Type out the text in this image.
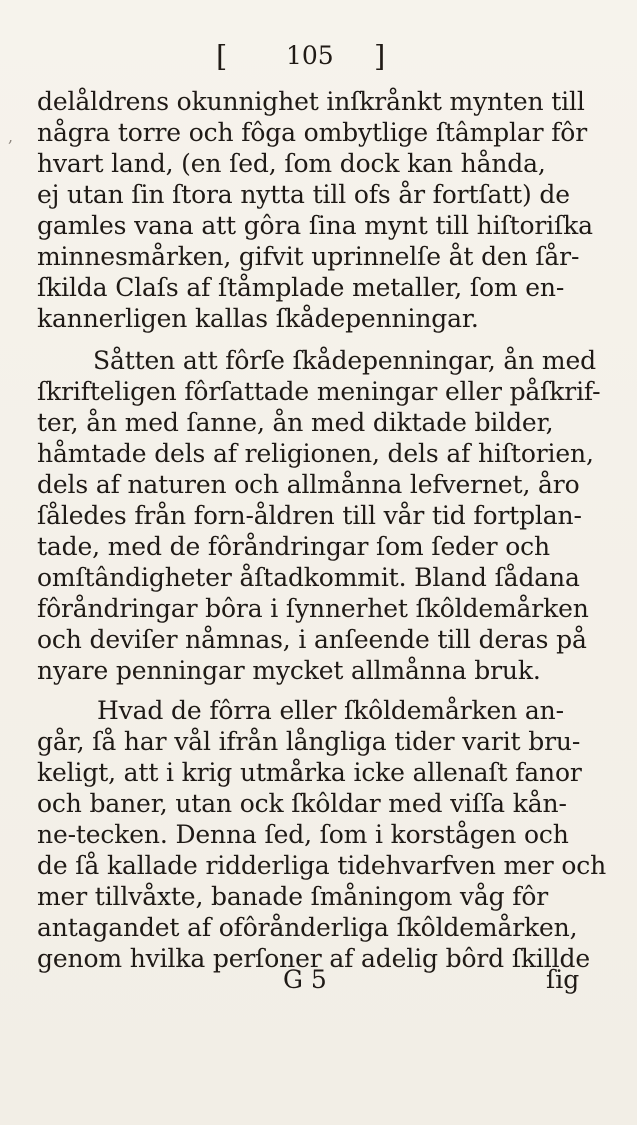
[ 105 ]
,
delåldrens okunnighet inſkrånkt mynten till
några torre och fôga ombytlige ſtâmplar fôr
hvart land, (en ſed, ſom dock kan hånda,
ej utan ſin ſtora nytta till ofs år fortſatt) de
gamles vana att gôra ſina mynt till hiſtoriſka
minnesmårken, gifvit uprinnelſe åt den ſår-
ſkilda Claſs af ſtåmplade metaller, ſom en-
kannerligen kallas ſkådepenningar.
Såtten att fôrſe ſkådepenningar, ån med
ſkrifteligen fôrſattade meningar eller påſkrif-
ter, ån med ſanne, ån med diktade bilder,
håmtade dels af religionen, dels af hiſtorien,
dels af naturen och allmånna lefvernet, åro
ſåledes från forn-åldren till vår tid fortplan-
tade, med de fôråndringar ſom ſeder och
omſtândigheter åſtadkommit. Bland ſådana
fôråndringar bôra i ſynnerhet ſkôldemårken
och deviſer nåmnas, i anſeende till deras på
nyare penningar mycket allmånna bruk.
Hvad de fôrra eller ſkôldemårken an-
går, ſå har vål ifrån långliga tider varit bru-
keligt, att i krig utmårka icke allenaſt fanor
och baner, utan ock ſkôldar med viſſa kån-
ne-tecken. Denna ſed, ſom i korstågen och
de ſå kallade ridderliga tidehvarfven mer och
mer tillvåxte, banade ſmåningom våg fôr
antagandet af ofôrånderliga ſkôldemårken,
genom hvilka perſoner af adelig bôrd ſkillde
G 5	ſig
